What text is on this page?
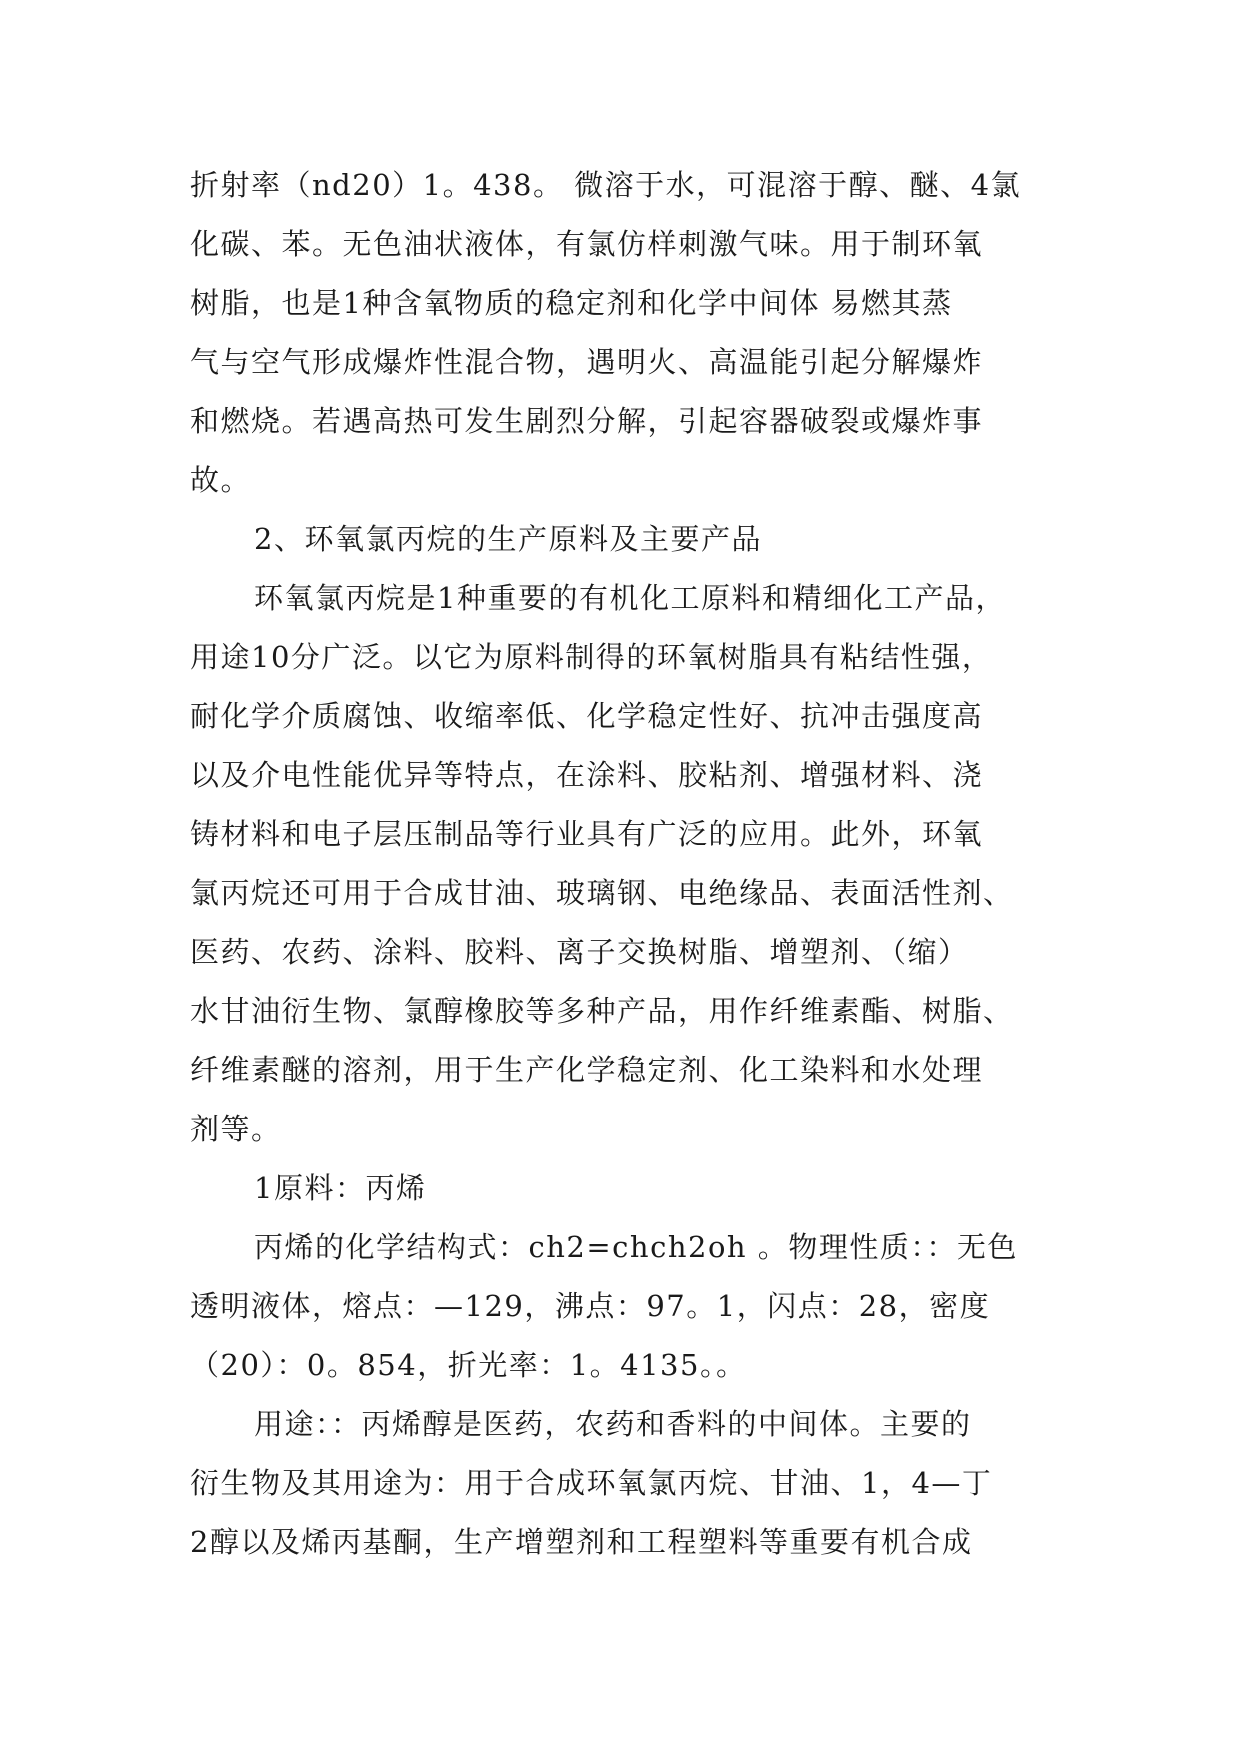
折射率（nd20）1。438。 微溶于水，可混溶于醇、醚、4氯

化碳、苯。无色油状液体，有氯仿样刺激气味。用于制环氧

树脂，也是1种含氧物质的稳定剂和化学中间体 易燃其蒸

气与空气形成爆炸性混合物，遇明火、高温能引起分解爆炸

和燃烧。若遇高热可发生剧烈分解，引起容器破裂或爆炸事

故。

2、环氧氯丙烷的生产原料及主要产品

环氧氯丙烷是1种重要的有机化工原料和精细化工产品，

用途10分广泛。以它为原料制得的环氧树脂具有粘结性强，

耐化学介质腐蚀、收缩率低、化学稳定性好、抗冲击强度高

以及介电性能优异等特点，在涂料、胶粘剂、增强材料、浇

铸材料和电子层压制品等行业具有广泛的应用。此外，环氧

氯丙烷还可用于合成甘油、玻璃钢、电绝缘品、表面活性剂、

医药、农药、涂料、胶料、离子交换树脂、增塑剂、（缩）

水甘油衍生物、氯醇橡胶等多种产品，用作纤维素酯、树脂、

纤维素醚的溶剂，用于生产化学稳定剂、化工染料和水处理

剂等。

1原料：丙烯

丙烯的化学结构式：ch2=chch2oh 。物理性质：：无色

透明液体，熔点：—129，沸点：97。1，闪点：28，密度

（20）：0。854，折光率：1。4135。。

用途：：丙烯醇是医药，农药和香料的中间体。主要的

衍生物及其用途为：用于合成环氧氯丙烷、甘油、1，4—丁

2醇以及烯丙基酮，生产增塑剂和工程塑料等重要有机合成
